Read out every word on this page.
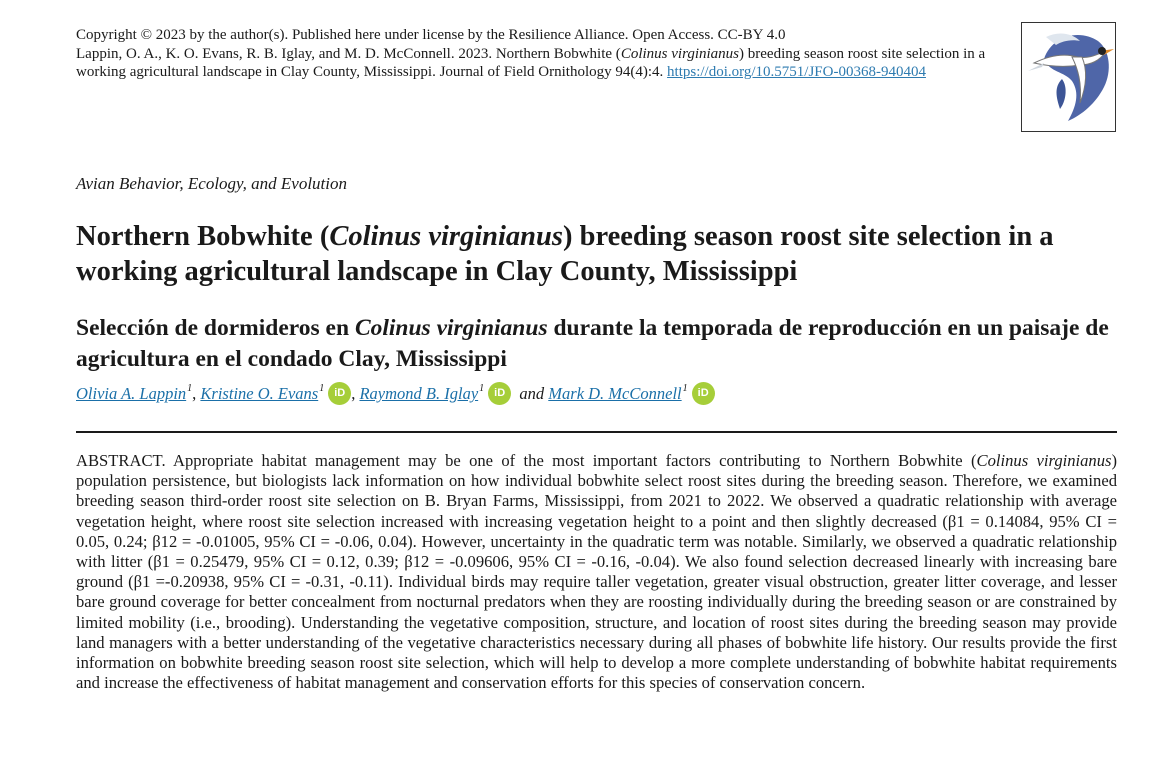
Copyright © 2023 by the author(s). Published here under license by the Resilience Alliance. Open Access. CC-BY 4.0
Lappin, O. A., K. O. Evans, R. B. Iglay, and M. D. McConnell. 2023. Northern Bobwhite (Colinus virginianus) breeding season roost site selection in a working agricultural landscape in Clay County, Mississippi. Journal of Field Ornithology 94(4):4. https://doi.org/10.5751/JFO-00368-940404
Avian Behavior, Ecology, and Evolution
Northern Bobwhite (Colinus virginianus) breeding season roost site selection in a working agricultural landscape in Clay County, Mississippi
Selección de dormideros en Colinus virginianus durante la temporada de reproducción en un paisaje de agricultura en el condado Clay, Mississippi
Olivia A. Lappin$^1$, Kristine O. Evans$^1$ iD , Raymond B. Iglay$^1$ iD and Mark D. McConnell$^1$ iD

ABSTRACT. Appropriate habitat management may be one of the most important factors contributing to Northern Bobwhite (Colinus virginianus) population persistence, but biologists lack information on how individual bobwhite select roost sites during the breeding season. Therefore, we examined breeding season third-order roost site selection on B. Bryan Farms, Mississippi, from 2021 to 2022. We observed a quadratic relationship with average vegetation height, where roost site selection increased with increasing vegetation height to a point and then slightly decreased (β1 = 0.14084, 95% CI = 0.05, 0.24; β12 = -0.01005, 95% CI = -0.06, 0.04). However, uncertainty in the quadratic term was notable. Similarly, we observed a quadratic relationship with litter (β1 = 0.25479, 95% CI = 0.12, 0.39; β12 = -0.09606, 95% CI = -0.16, -0.04). We also found selection decreased linearly with increasing bare ground (β1 =-0.20938, 95% CI = -0.31, -0.11). Individual birds may require taller vegetation, greater visual obstruction, greater litter coverage, and lesser bare ground coverage for better concealment from nocturnal predators when they are roosting individually during the breeding season or are constrained by limited mobility (i.e., brooding). Understanding the vegetative composition, structure, and location of roost sites during the breeding season may provide land managers with a better understanding of the vegetative characteristics necessary during all phases of bobwhite life history. Our results provide the first information on bobwhite breeding season roost site selection, which will help to develop a more complete understanding of bobwhite habitat requirements and increase the effectiveness of habitat management and conservation efforts for this species of conservation concern.
